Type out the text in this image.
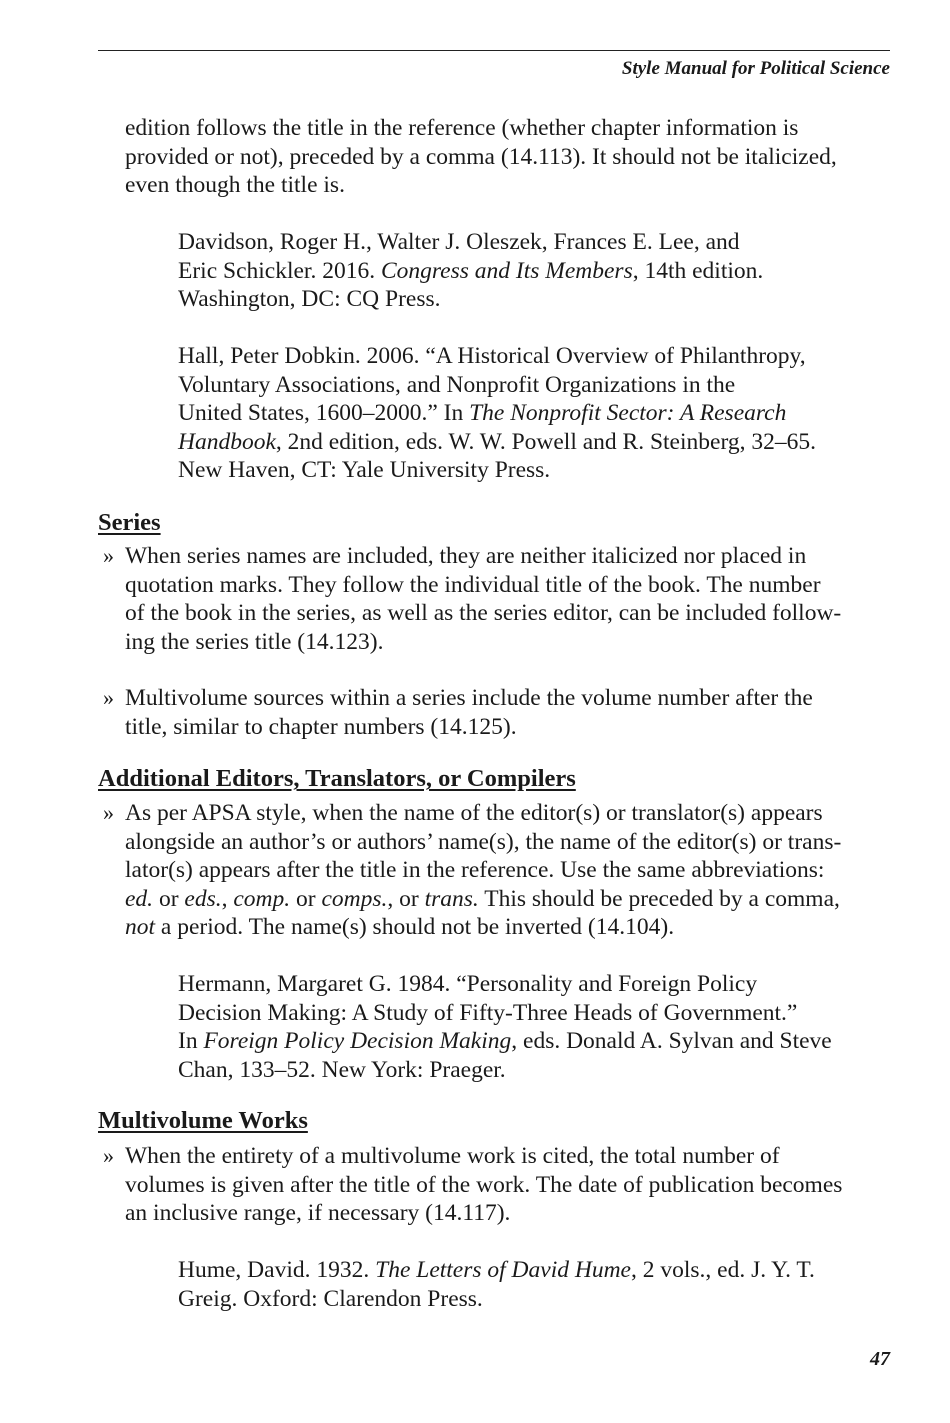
Style Manual for Political Science
edition follows the title in the reference (whether chapter information is
provided or not), preceded by a comma (14.113). It should not be italicized,
even though the title is.
Davidson, Roger H., Walter J. Oleszek, Frances E. Lee, and
Eric Schickler. 2016. Congress and Its Members, 14th edition.
Washington, DC: CQ Press.
Hall, Peter Dobkin. 2006. “A Historical Overview of Philanthropy,
Voluntary Associations, and Nonprofit Organizations in the
United States, 1600–2000.” In The Nonprofit Sector: A Research
Handbook, 2nd edition, eds. W. W. Powell and R. Steinberg, 32–65.
New Haven, CT: Yale University Press.
Series
» When series names are included, they are neither italicized nor placed in
quotation marks. They follow the individual title of the book. The number
of the book in the series, as well as the series editor, can be included follow-
ing the series title (14.123).
» Multivolume sources within a series include the volume number after the
title, similar to chapter numbers (14.125).
Additional Editors, Translators, or Compilers
» As per APSA style, when the name of the editor(s) or translator(s) appears
alongside an author’s or authors’ name(s), the name of the editor(s) or trans-
lator(s) appears after the title in the reference. Use the same abbreviations:
ed. or eds., comp. or comps., or trans. This should be preceded by a comma,
not a period. The name(s) should not be inverted (14.104).
Hermann, Margaret G. 1984. “Personality and Foreign Policy
Decision Making: A Study of Fifty-Three Heads of Government.”
In Foreign Policy Decision Making, eds. Donald A. Sylvan and Steve
Chan, 133–52. New York: Praeger.
Multivolume Works
» When the entirety of a multivolume work is cited, the total number of
volumes is given after the title of the work. The date of publication becomes
an inclusive range, if necessary (14.117).
Hume, David. 1932. The Letters of David Hume, 2 vols., ed. J. Y. T.
Greig. Oxford: Clarendon Press.
47
